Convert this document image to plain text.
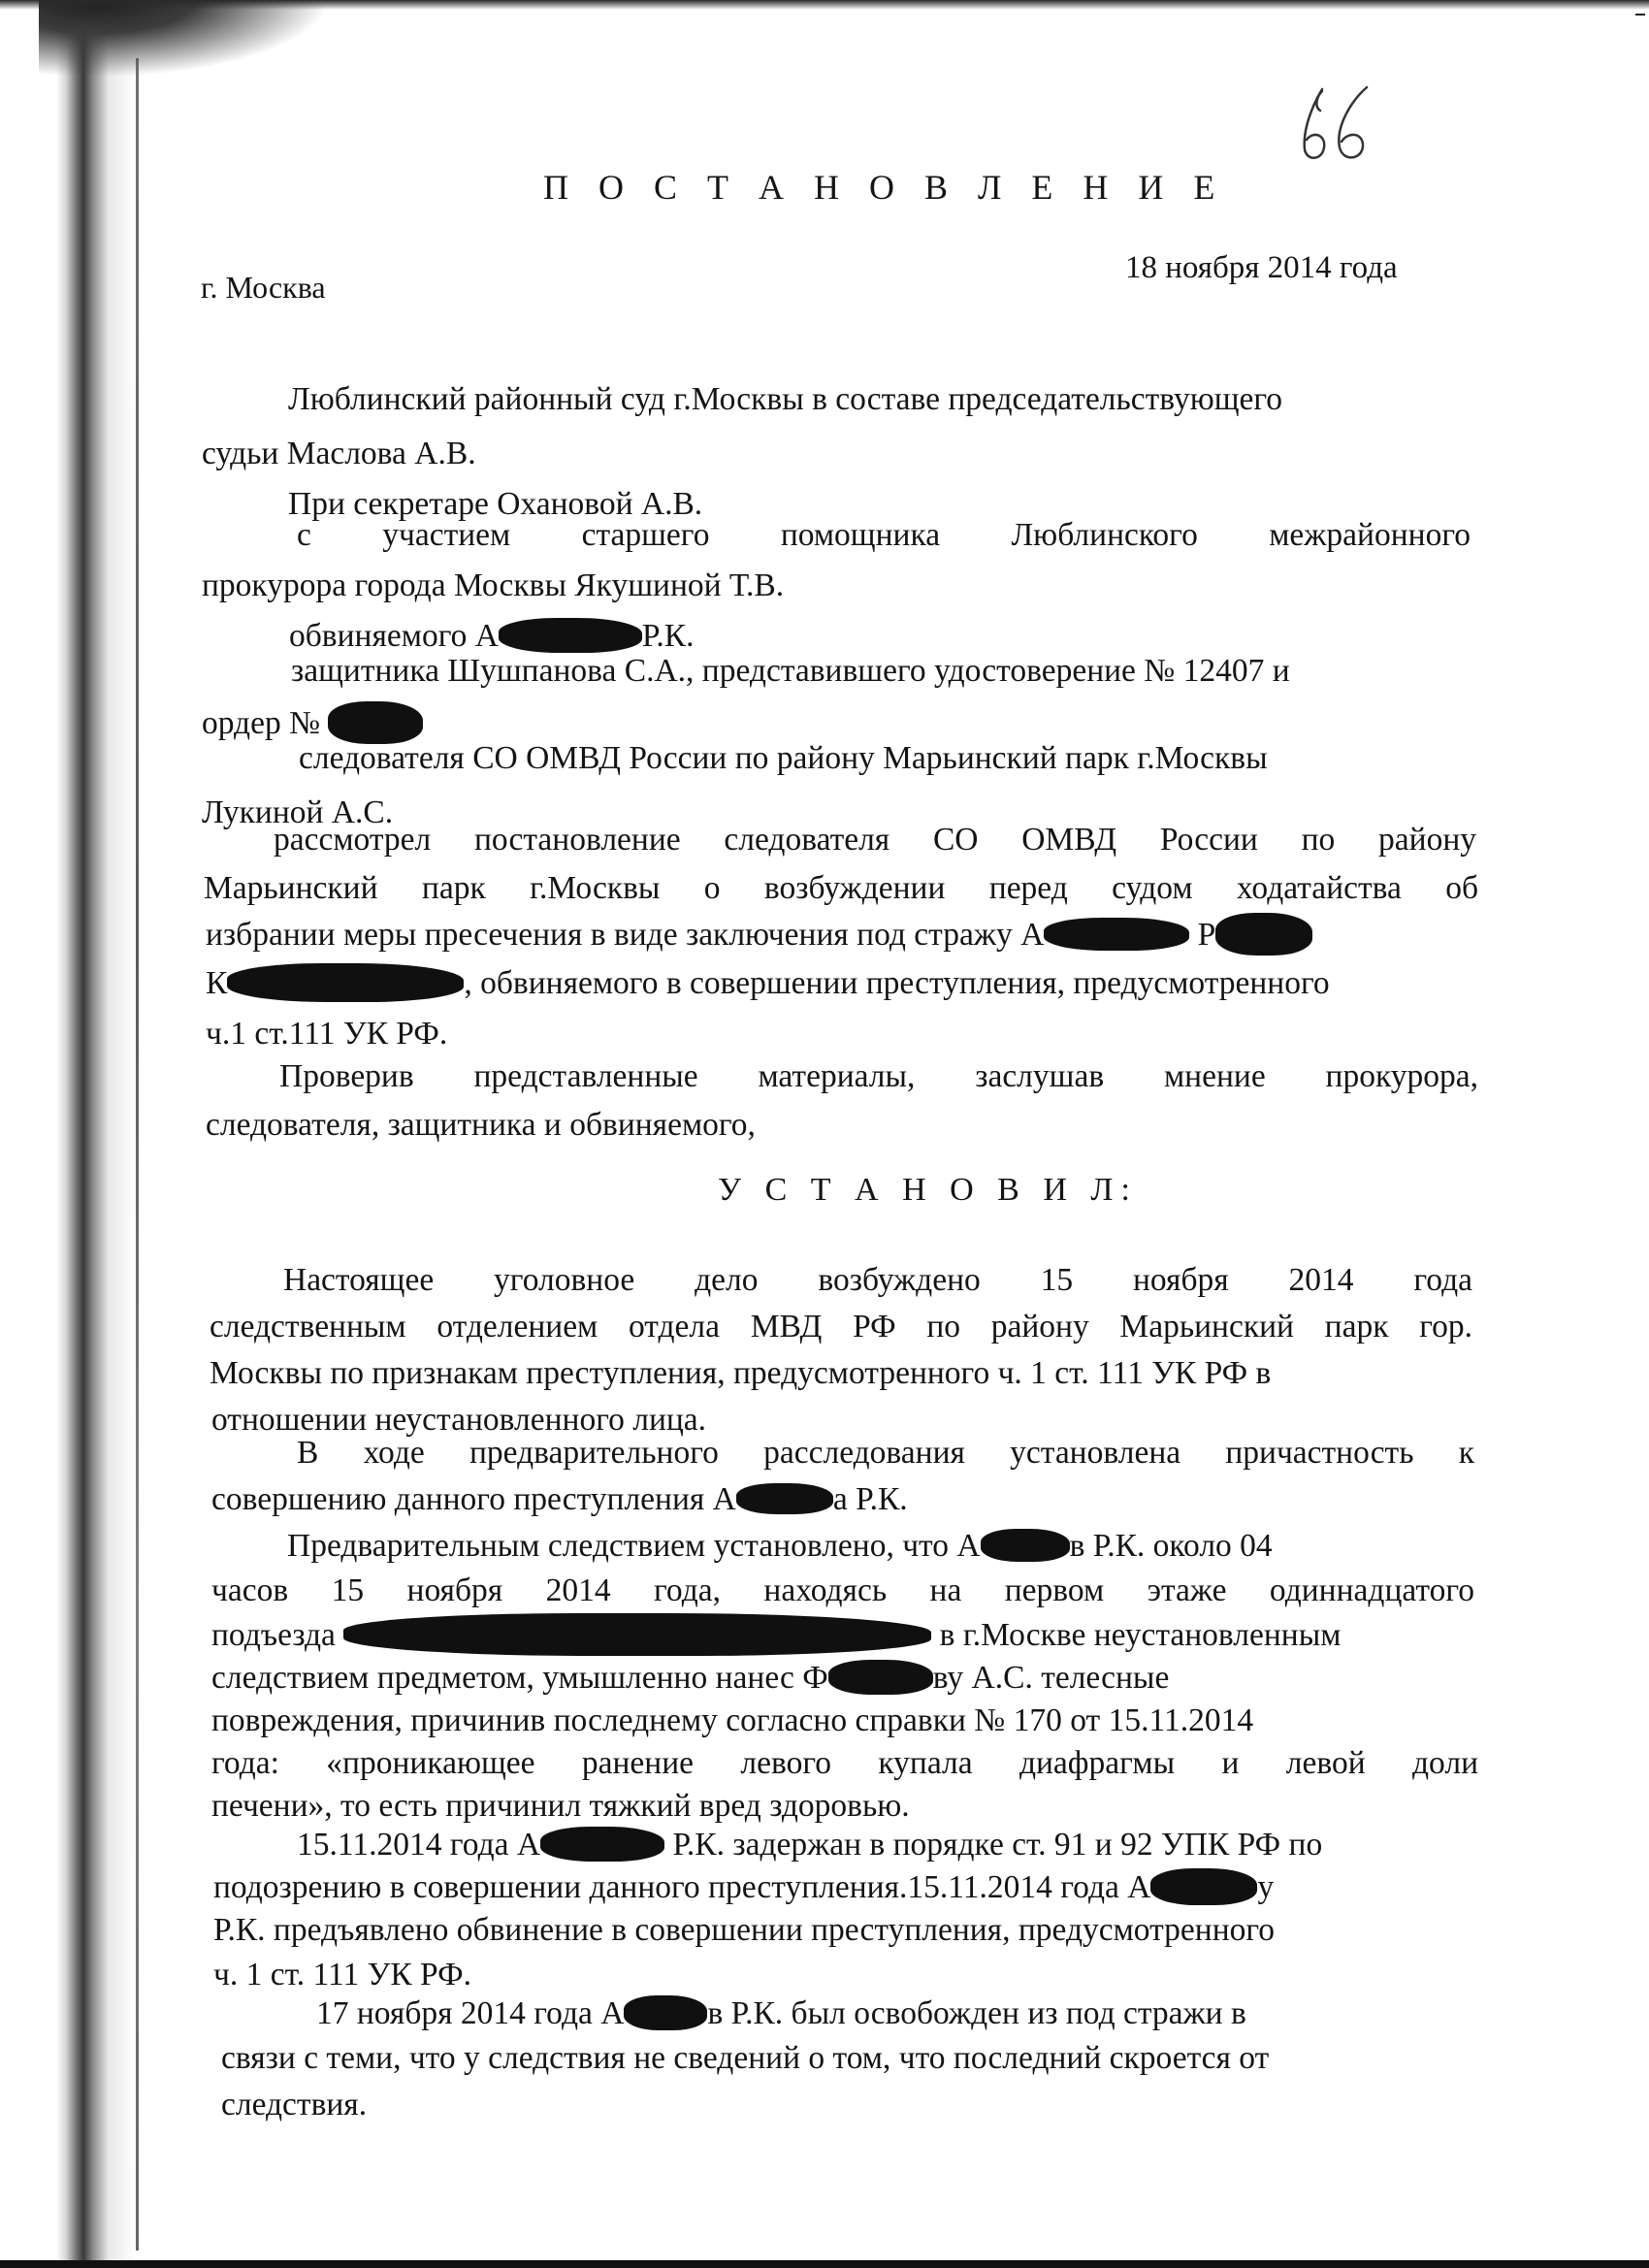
П О С Т А Н О В Л Е Н И Е
г. Москва
18 ноября 2014 года
Люблинский районный суд г.Москвы в составе председательствующего
судьи Маслова А.В.
При секретаре Охановой А.В.
с участием старшего помощника Люблинского межрайонного
прокурора города Москвы Якушиной Т.В.
обвиняемого А	Р.К.
защитника Шушпанова С.А., представившего удостоверение № 12407 и
ордер №
следователя СО ОМВД России по району Марьинский парк г.Москвы
Лукиной А.С.
рассмотрел постановление следователя СО ОМВД России по району
Марьинский парк г.Москвы о возбуждении перед судом ходатайства об
избрании меры пресечения в виде заключения под стражу А	Р
К	, обвиняемого в совершении преступления, предусмотренного
ч.1 ст.111 УК РФ.
Проверив представленные материалы, заслушав мнение прокурора,
следователя, защитника и обвиняемого,
У С Т А Н О В И Л:
Настоящее уголовное дело возбуждено 15 ноября 2014 года
следственным отделением отдела МВД РФ по району Марьинский парк гор.
Москвы по признакам преступления, предусмотренного ч. 1 ст. 111 УК РФ в
отношении неустановленного лица.
В ходе предварительного расследования установлена причастность к
совершению данного преступления А	а Р.К.
Предварительным следствием установлено, что А	в Р.К. около 04
часов 15 ноября 2014 года, находясь на первом этаже одиннадцатого
подъезда	в г.Москве неустановленным
следствием предметом, умышленно нанес Ф	ву А.С. телесные
повреждения, причинив последнему согласно справки № 170 от 15.11.2014
года: «проникающее ранение левого купала диафрагмы и левой доли
печени», то есть причинил тяжкий вред здоровью.
15.11.2014 года А	Р.К. задержан в порядке ст. 91 и 92 УПК РФ по
подозрению в совершении данного преступления.15.11.2014 года А	у
Р.К. предъявлено обвинение в совершении преступления, предусмотренного
ч. 1 ст. 111 УК РФ.
17 ноября 2014 года А	в Р.К. был освобожден из под стражи в
связи с теми, что у следствия не сведений о том, что последний скроется от
следствия.
